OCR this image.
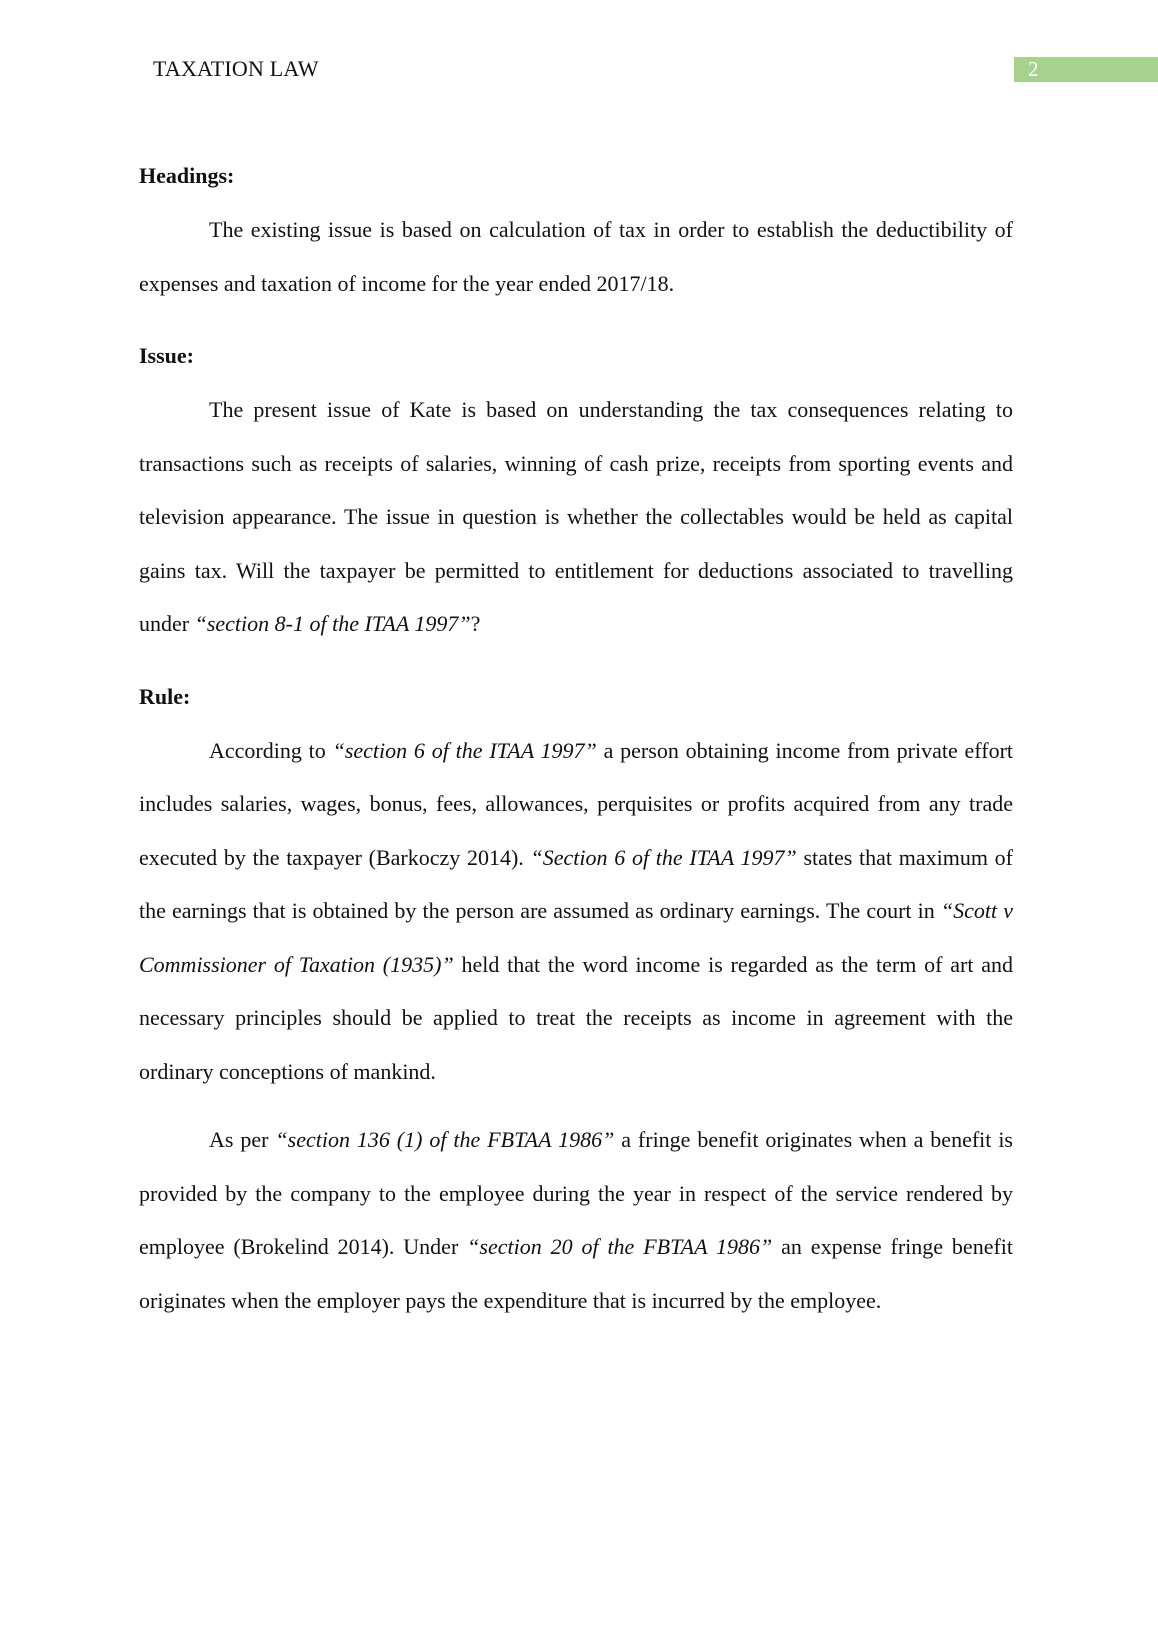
TAXATION LAW	2

Headings:

The existing issue is based on calculation of tax in order to establish the deductibility of expenses and taxation of income for the year ended 2017/18.

Issue:

The present issue of Kate is based on understanding the tax consequences relating to transactions such as receipts of salaries, winning of cash prize, receipts from sporting events and television appearance. The issue in question is whether the collectables would be held as capital gains tax. Will the taxpayer be permitted to entitlement for deductions associated to travelling under “section 8-1 of the ITAA 1997”?

Rule:

According to “section 6 of the ITAA 1997” a person obtaining income from private effort includes salaries, wages, bonus, fees, allowances, perquisites or profits acquired from any trade executed by the taxpayer (Barkoczy 2014). “Section 6 of the ITAA 1997” states that maximum of the earnings that is obtained by the person are assumed as ordinary earnings. The court in “Scott v Commissioner of Taxation (1935)” held that the word income is regarded as the term of art and necessary principles should be applied to treat the receipts as income in agreement with the ordinary conceptions of mankind.

As per “section 136 (1) of the FBTAA 1986” a fringe benefit originates when a benefit is provided by the company to the employee during the year in respect of the service rendered by employee (Brokelind 2014). Under “section 20 of the FBTAA 1986” an expense fringe benefit originates when the employer pays the expenditure that is incurred by the employee.
